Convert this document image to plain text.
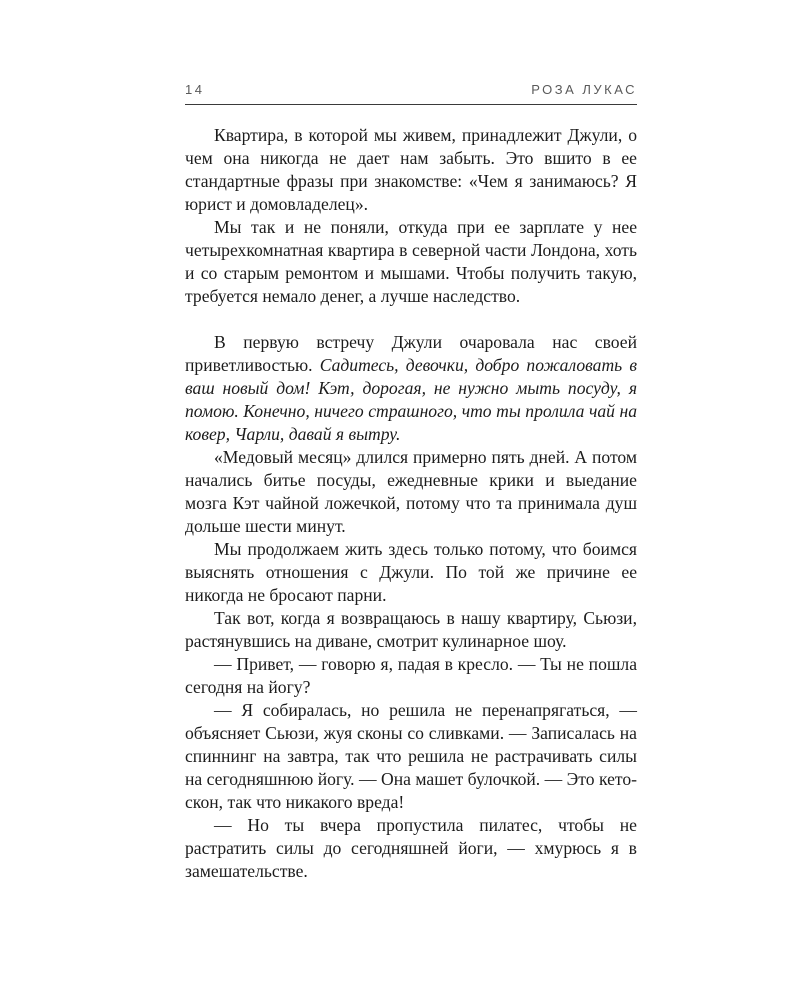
14	РОЗА ЛУКАС

Квартира, в которой мы живем, принадлежит Джули, о чем она никогда не дает нам забыть. Это вшито в ее стандартные фразы при знакомстве: «Чем я занимаюсь? Я юрист и домовладелец».

Мы так и не поняли, откуда при ее зарплате у нее четырехкомнатная квартира в северной части Лондона, хоть и со старым ремонтом и мышами. Чтобы получить такую, требуется немало денег, а лучше наследство.

В первую встречу Джули очаровала нас своей приветливостью. Садитесь, девочки, добро пожаловать в ваш новый дом! Кэт, дорогая, не нужно мыть посуду, я помою. Конечно, ничего страшного, что ты пролила чай на ковер, Чарли, давай я вытру.

«Медовый месяц» длился примерно пять дней. А потом начались битье посуды, ежедневные крики и выедание мозга Кэт чайной ложечкой, потому что та принимала душ дольше шести минут.

Мы продолжаем жить здесь только потому, что боимся выяснять отношения с Джули. По той же причине ее никогда не бросают парни.

Так вот, когда я возвращаюсь в нашу квартиру, Сьюзи, растянувшись на диване, смотрит кулинарное шоу.

— Привет, — говорю я, падая в кресло. — Ты не пошла сегодня на йогу?

— Я собиралась, но решила не перенапрягаться, — объясняет Сьюзи, жуя сконы со сливками. — Записалась на спиннинг на завтра, так что решила не растрачивать силы на сегодняшнюю йогу. — Она машет булочкой. — Это кето-скон, так что никакого вреда!

— Но ты вчера пропустила пилатес, чтобы не растратить силы до сегодняшней йоги, — хмурюсь я в замешательстве.
